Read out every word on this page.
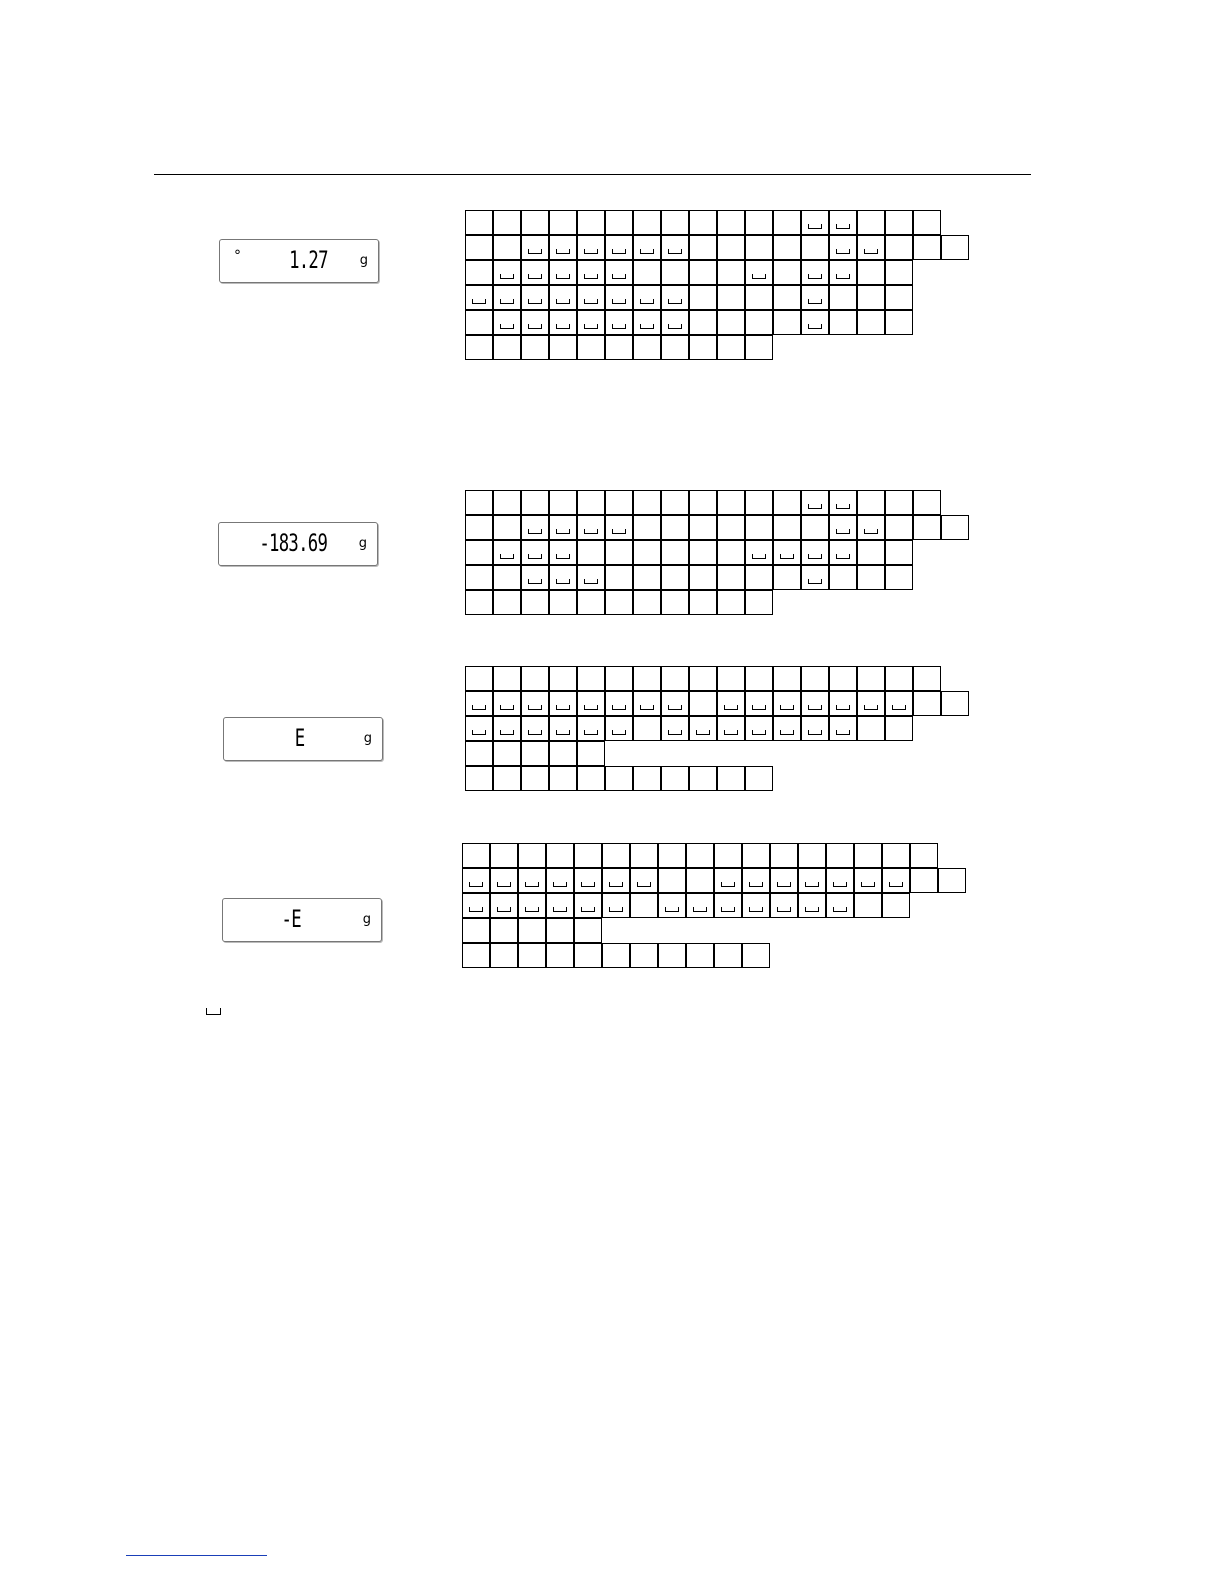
° 1.27 g
-183.69 g
E	g
-E	g
